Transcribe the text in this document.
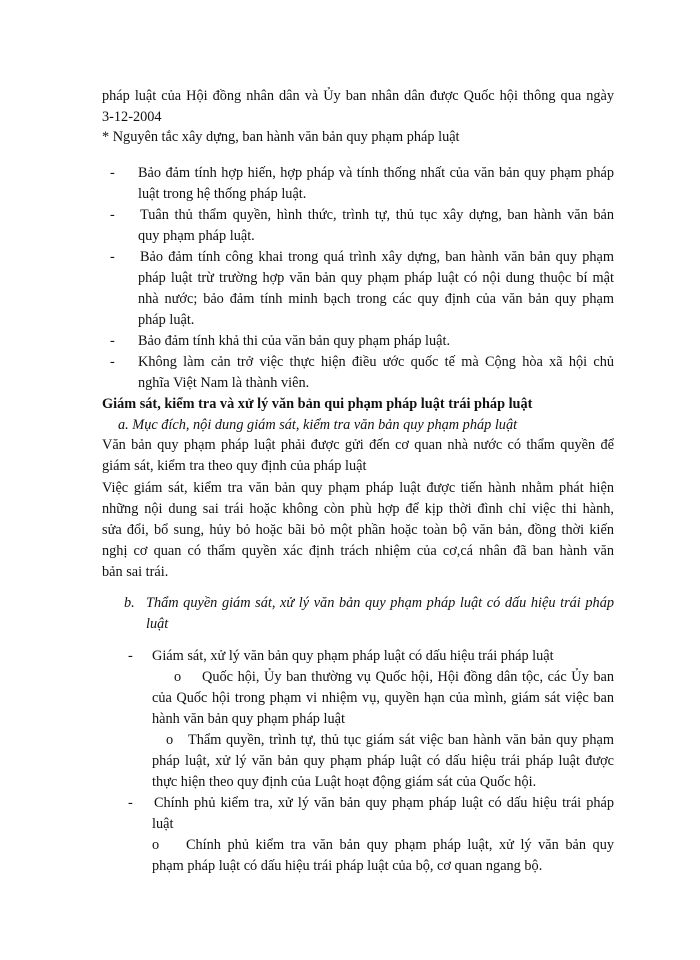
pháp luật của Hội đồng nhân dân và Ủy ban nhân dân được Quốc hội thông qua ngày
3-12-2004
* Nguyên tắc xây dựng, ban hành văn bản quy phạm pháp luật
- Bảo đảm tính hợp hiến, hợp pháp và tính thống nhất của văn bản quy phạm pháp
luật trong hệ thống pháp luật.
- Tuân thủ thẩm quyền, hình thức, trình tự, thủ tục xây dựng, ban hành văn bản
quy phạm pháp luật.
- Bảo đảm tính công khai trong quá trình xây dựng, ban hành văn bản quy phạm
pháp luật trừ trường hợp văn bản quy phạm pháp luật có nội dung thuộc bí mật
nhà nước; bảo đảm tính minh bạch trong các quy định của văn bản quy phạm
pháp luật.
- Bảo đảm tính khả thi của văn bản quy phạm pháp luật.
- Không làm cản trở việc thực hiện điều ước quốc tế mà Cộng hòa xã hội chủ
nghĩa Việt Nam là thành viên.
Giám sát, kiểm tra và xử lý văn bản qui phạm pháp luật trái pháp luật
a. Mục đích, nội dung giám sát, kiểm tra văn bản quy phạm pháp luật
Văn bản quy phạm pháp luật phải được gửi đến cơ quan nhà nước có thẩm quyền để
giám sát, kiểm tra theo quy định của pháp luật
Việc giám sát, kiểm tra văn bản quy phạm pháp luật được tiến hành nhằm phát hiện
những nội dung sai trái hoặc không còn phù hợp để kịp thời đình chỉ việc thi hành,
sửa đổi, bổ sung, hủy bỏ hoặc bãi bỏ một phần hoặc toàn bộ văn bản, đồng thời kiến
nghị cơ quan có thẩm quyền xác định trách nhiệm của cơ,cá nhân đã ban hành văn
bản sai trái.
b. Thẩm quyền giám sát, xử lý văn bản quy phạm pháp luật có dấu hiệu trái pháp
luật
- Giám sát, xử lý văn bản quy phạm pháp luật có dấu hiệu trái pháp luật
o Quốc hội, Ủy ban thường vụ Quốc hội, Hội đồng dân tộc, các Ủy ban
của Quốc hội trong phạm vi nhiệm vụ, quyền hạn của mình, giám sát việc ban
hành văn bản quy phạm pháp luật
o Thẩm quyền, trình tự, thủ tục giám sát việc ban hành văn bản quy phạm
pháp luật, xử lý văn bản quy phạm pháp luật có dấu hiệu trái pháp luật được
thực hiện theo quy định của Luật hoạt động giám sát của Quốc hội.
- Chính phủ kiểm tra, xử lý văn bản quy phạm pháp luật có dấu hiệu trái pháp
luật
o Chính phủ kiểm tra văn bản quy phạm pháp luật, xử lý văn bản quy
phạm pháp luật có dấu hiệu trái pháp luật của bộ, cơ quan ngang bộ.
